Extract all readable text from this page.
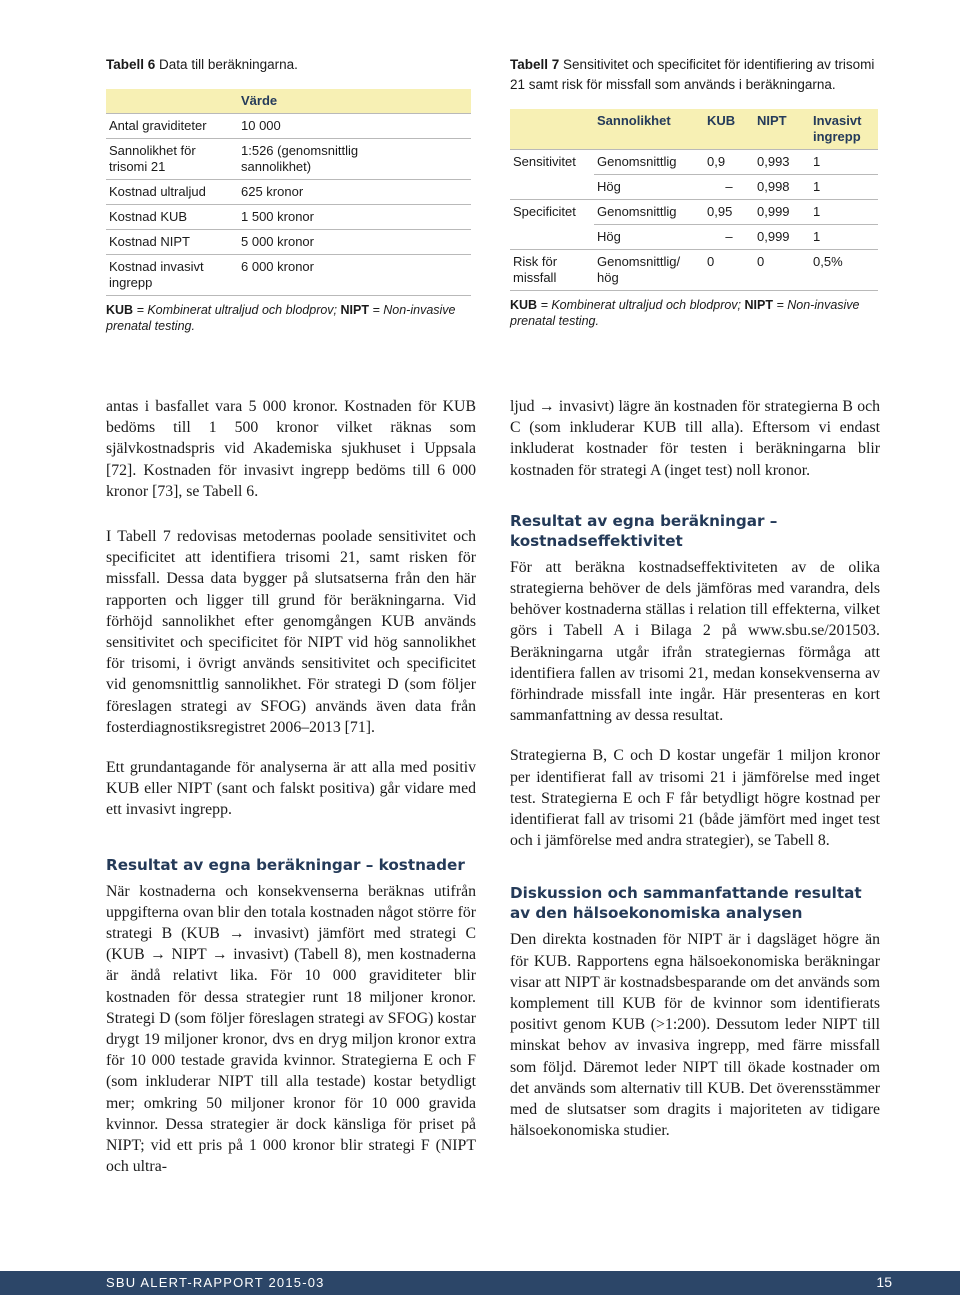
Tabell 6 Data till beräkningarna.
	Värde
Antal graviditeter	10 000
Sannolikhet för trisomi 21	1:526 (genomsnittlig sannolikhet)
Kostnad ultraljud	625 kronor
Kostnad KUB	1 500 kronor
Kostnad NIPT	5 000 kronor
Kostnad invasivt ingrepp	6 000 kronor
KUB = Kombinerat ultraljud och blodprov; NIPT = Non-invasive prenatal testing.
Tabell 7 Sensitivitet och specificitet för identifiering av trisomi 21 samt risk för missfall som används i beräkningarna.
	Sannolikhet	KUB	NIPT	Invasivt ingrepp
Sensitivitet	Genomsnittlig	0,9	0,993	1
	Hög	–	0,998	1
Specificitet	Genomsnittlig	0,95	0,999	1
	Hög	–	0,999	1
Risk för missfall	Genomsnittlig/ hög	0	0	0,5%
KUB = Kombinerat ultraljud och blodprov; NIPT = Non-invasive prenatal testing.

antas i basfallet vara 5 000 kronor. Kostnaden för KUB bedöms till 1 500 kronor vilket räknas som självkostnadspris vid Akademiska sjukhuset i Uppsala [72]. Kostnaden för invasivt ingrepp bedöms till 6 000 kronor [73], se Tabell 6.

I Tabell 7 redovisas metodernas poolade sensitivitet och specificitet att identifiera trisomi 21, samt risken för missfall. Dessa data bygger på slutsatserna från den här rapporten och ligger till grund för beräkningarna. Vid förhöjd sannolikhet efter genomgången KUB används sensitivitet och specificitet för NIPT vid hög sannolikhet för trisomi, i övrigt används sensitivitet och specificitet vid genomsnittlig sannolikhet. För strategi D (som följer föreslagen strategi av SFOG) används även data från fosterdiagnostiksregistret 2006–2013 [71].

Ett grundantagande för analyserna är att alla med positiv KUB eller NIPT (sant och falskt positiva) går vidare med ett invasivt ingrepp.

Resultat av egna beräkningar – kostnader

När kostnaderna och konsekvenserna beräknas utifrån uppgifterna ovan blir den totala kostnaden något större för strategi B (KUB → invasivt) jämfört med strategi C (KUB → NIPT → invasivt) (Tabell 8), men kostnaderna är ändå relativt lika. För 10 000 graviditeter blir kostnaden för dessa strategier runt 18 miljoner kronor. Strategi D (som följer föreslagen strategi av SFOG) kostar drygt 19 miljoner kronor, dvs en dryg miljon kronor extra för 10 000 testade gravida kvinnor. Strategierna E och F (som inkluderar NIPT till alla testade) kostar betydligt mer; omkring 50 miljoner kronor för 10 000 gravida kvinnor. Dessa strategier är dock känsliga för priset på NIPT; vid ett pris på 1 000 kronor blir strategi F (NIPT och ultra-

ljud → invasivt) lägre än kostnaden för strategierna B och C (som inkluderar KUB till alla). Eftersom vi endast inkluderat kostnader för testen i beräkningarna blir kostnaden för strategi A (inget test) noll kronor.

Resultat av egna beräkningar – kostnadseffektivitet

För att beräkna kostnadseffektiviteten av de olika strategierna behöver de dels jämföras med varandra, dels behöver kostnaderna ställas i relation till effekterna, vilket görs i Tabell A i Bilaga 2 på www.sbu.se/201503. Beräkningarna utgår ifrån strategiernas förmåga att identifiera fallen av trisomi 21, medan konsekvenserna av förhindrade missfall inte ingår. Här presenteras en kort sammanfattning av dessa resultat.

Strategierna B, C och D kostar ungefär 1 miljon kronor per identifierat fall av trisomi 21 i jämförelse med inget test. Strategierna E och F får betydligt högre kostnad per identifierat fall av trisomi 21 (både jämfört med inget test och i jämförelse med andra strategier), se Tabell 8.

Diskussion och sammanfattande resultat av den hälsoekonomiska analysen

Den direkta kostnaden för NIPT är i dagsläget högre än för KUB. Rapportens egna hälsoekonomiska beräkningar visar att NIPT är kostnadsbesparande om det används som komplement till KUB för de kvinnor som identifierats positivt genom KUB (>1:200). Dessutom leder NIPT till minskat behov av invasiva ingrepp, med färre missfall som följd. Däremot leder NIPT till ökade kostnader om det används som alternativ till KUB. Det överensstämmer med de slutsatser som dragits i majoriteten av tidigare hälsoekonomiska studier.

SBU ALERT-RAPPORT 2015-03	15
